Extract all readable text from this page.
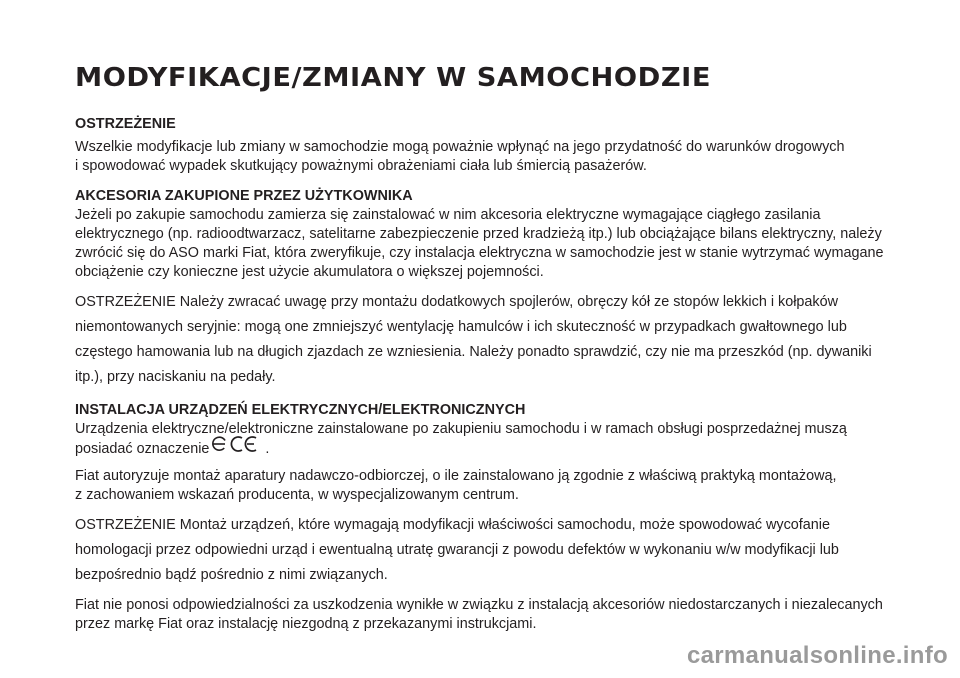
MODYFIKACJE/ZMIANY W SAMOCHODZIE
OSTRZEŻENIE

Wszelkie modyfikacje lub zmiany w samochodzie mogą poważnie wpłynąć na jego przydatność do warunków drogowych
i spowodować wypadek skutkujący poważnymi obrażeniami ciała lub śmiercią pasażerów.

AKCESORIA ZAKUPIONE PRZEZ UŻYTKOWNIKA

Jeżeli po zakupie samochodu zamierza się zainstalować w nim akcesoria elektryczne wymagające ciągłego zasilania
elektrycznego (np. radioodtwarzacz, satelitarne zabezpieczenie przed kradzieżą itp.) lub obciążające bilans elektryczny, należy
zwrócić się do ASO marki Fiat, która zweryfikuje, czy instalacja elektryczna w samochodzie jest w stanie wytrzymać wymagane
obciążenie czy konieczne jest użycie akumulatora o większej pojemności.

OSTRZEŻENIE Należy zwracać uwagę przy montażu dodatkowych spojlerów, obręczy kół ze stopów lekkich i kołpaków
niemontowanych seryjnie: mogą one zmniejszyć wentylację hamulców i ich skuteczność w przypadkach gwałtownego lub
częstego hamowania lub na długich zjazdach ze wzniesienia. Należy ponadto sprawdzić, czy nie ma przeszkód (np. dywaniki
itp.), przy naciskaniu na pedały.

INSTALACJA URZĄDZEŃ ELEKTRYCZNYCH/ELEKTRONICZNYCH

Urządzenia elektryczne/elektroniczne zainstalowane po zakupieniu samochodu i w ramach obsługi posprzedażnej muszą
posiadać oznaczenie	.

Fiat autoryzuje montaż aparatury nadawczo-odbiorczej, o ile zainstalowano ją zgodnie z właściwą praktyką montażową,
z zachowaniem wskazań producenta, w wyspecjalizowanym centrum.

OSTRZEŻENIE Montaż urządzeń, które wymagają modyfikacji właściwości samochodu, może spowodować wycofanie
homologacji przez odpowiedni urząd i ewentualną utratę gwarancji z powodu defektów w wykonaniu w/w modyfikacji lub
bezpośrednio bądź pośrednio z nimi związanych.

Fiat nie ponosi odpowiedzialności za uszkodzenia wynikłe w związku z instalacją akcesoriów niedostarczanych i niezalecanych
przez markę Fiat oraz instalację niezgodną z przekazanymi instrukcjami.

carmanualsonline.info
